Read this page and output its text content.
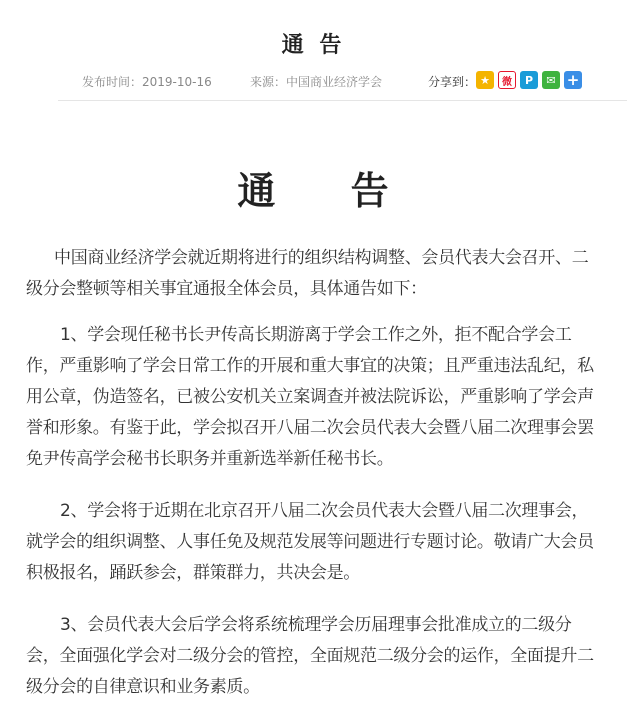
通 告
发布时间：2019-10-16	来源：中国商业经济学会	分享到： ★	微	P	✉ +
通 告

中国商业经济学会就近期将进行的组织结构调整、会员代表大会召开、二级分会整顿等相关事宜通报全体会员，具体通告如下：

1、学会现任秘书长尹传高长期游离于学会工作之外，拒不配合学会工作，严重影响了学会日常工作的开展和重大事宜的决策；且严重违法乱纪，私用公章，伪造签名，已被公安机关立案调查并被法院诉讼，严重影响了学会声誉和形象。有鉴于此，学会拟召开八届二次会员代表大会暨八届二次理事会罢免尹传高学会秘书长职务并重新选举新任秘书长。

2、学会将于近期在北京召开八届二次会员代表大会暨八届二次理事会，就学会的组织调整、人事任免及规范发展等问题进行专题讨论。敬请广大会员积极报名，踊跃参会，群策群力，共决会是。

3、会员代表大会后学会将系统梳理学会历届理事会批准成立的二级分会，全面强化学会对二级分会的管控，全面规范二级分会的运作，全面提升二级分会的自律意识和业务素质。
